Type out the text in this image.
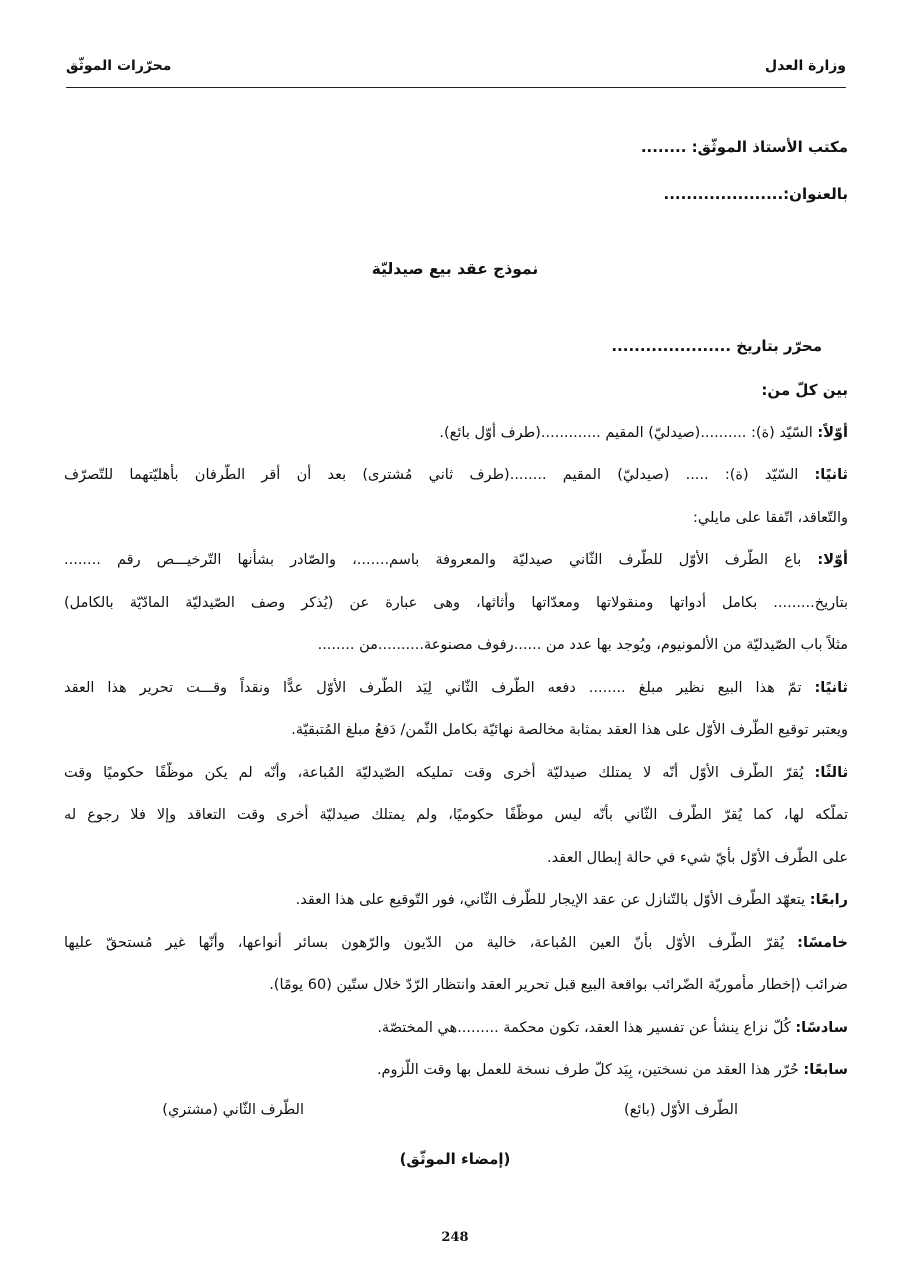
وزارة العدل
محرّرات الموثّق
مكتب الأستاذ الموثّق: ........
بالعنوان:.....................
نموذج عقد بيع صيدليّة
محرّر بتاريخ .....................
بين كلّ من:
أوّلاً: السّيّد (ة): ..........(صيدليّ) المقيم .............(طرف أوّل بائع).
ثانيًا: السّيّد (ة): ..... (صيدليّ) المقيم ........(طرف ثاني مُشترى) بعد أن أقر الطّرفان بأهليّتهما للتّصرّف
والتّعاقد، اتّفقا على مايلي:
أوّلا: باع الطّرف الأوّل للطّرف الثّاني صيدليّة والمعروفة باسم.......، والصّادر بشأنها التّرخيـــص رقم ........
بتاريخ......... بكامل أدواتها ومنقولاتها ومعدّاتها وأثاثها، وهى عبارة عن (يُذكر وصف الصّيدليّة المادّيّة بالكامل)
مثلاً باب الصّيدليّة من الألمونيوم، ويُوجد بها عدد من ......رفوف مصنوعة..........من ........
ثانيًا: تمّ هذا البيع نظير مبلغ ........ دفعه الطّرف الثّاني لِيَد الطّرف الأوّل عدًّا ونقداً وقـــت تحرير هذا العقد
ويعتبر توقيع الطّرف الأوّل على هذا العقد بمثابة مخالصة نهائيّة بكامل الثّمن/ دَفعُ مبلغ المُتبقيّة.
ثالثًا: يُقرّ الطّرف الأوّل أنّه لا يمتلك صيدليّة أخرى وقت تمليكه الصّيدليّة المُباعة، وأنّه لم يكن موظّفًا حكوميًا وقت
تملّكه لها، كما يُقرّ الطّرف الثّاني بأنّه ليس موظّفًا حكوميًا، ولم يمتلك صيدليّة أخرى وقت التعاقد وإلا فلا رجوع له
على الطّرف الأوّل بأيّ شيء في حالة إبطال العقد.
رابعًا: يتعهّد الطّرف الأوّل بالتّنازل عن عقد الإيجار للطّرف الثّاني، فور التّوقيع على هذا العقد.
خامسًا: يُقرّ الطّرف الأوّل بأنّ العين المُباعة، خالية من الدّيون والرّهون بسائر أنواعها، وأنّها غير مُستحقّ عليها
ضرائب (إخطار مأموريّة الضّرائب بواقعة البيع قبل تحرير العقد وانتظار الرّدّ خلال ستّين (60 يومًا).
سادسًا: كُلّ نزاع ينشأ عن تفسير هذا العقد، تكون محكمة .........هي المختصّة.
سابعًا: حُرّر هذا العقد من نسختين، بِيَد كلّ طرف نسخة للعمل بها وقت اللّزوم.
الطّرف الأوّل (بائع)
الطّرف الثّاني (مشتري)
(إمضاء الموثّق)
248
